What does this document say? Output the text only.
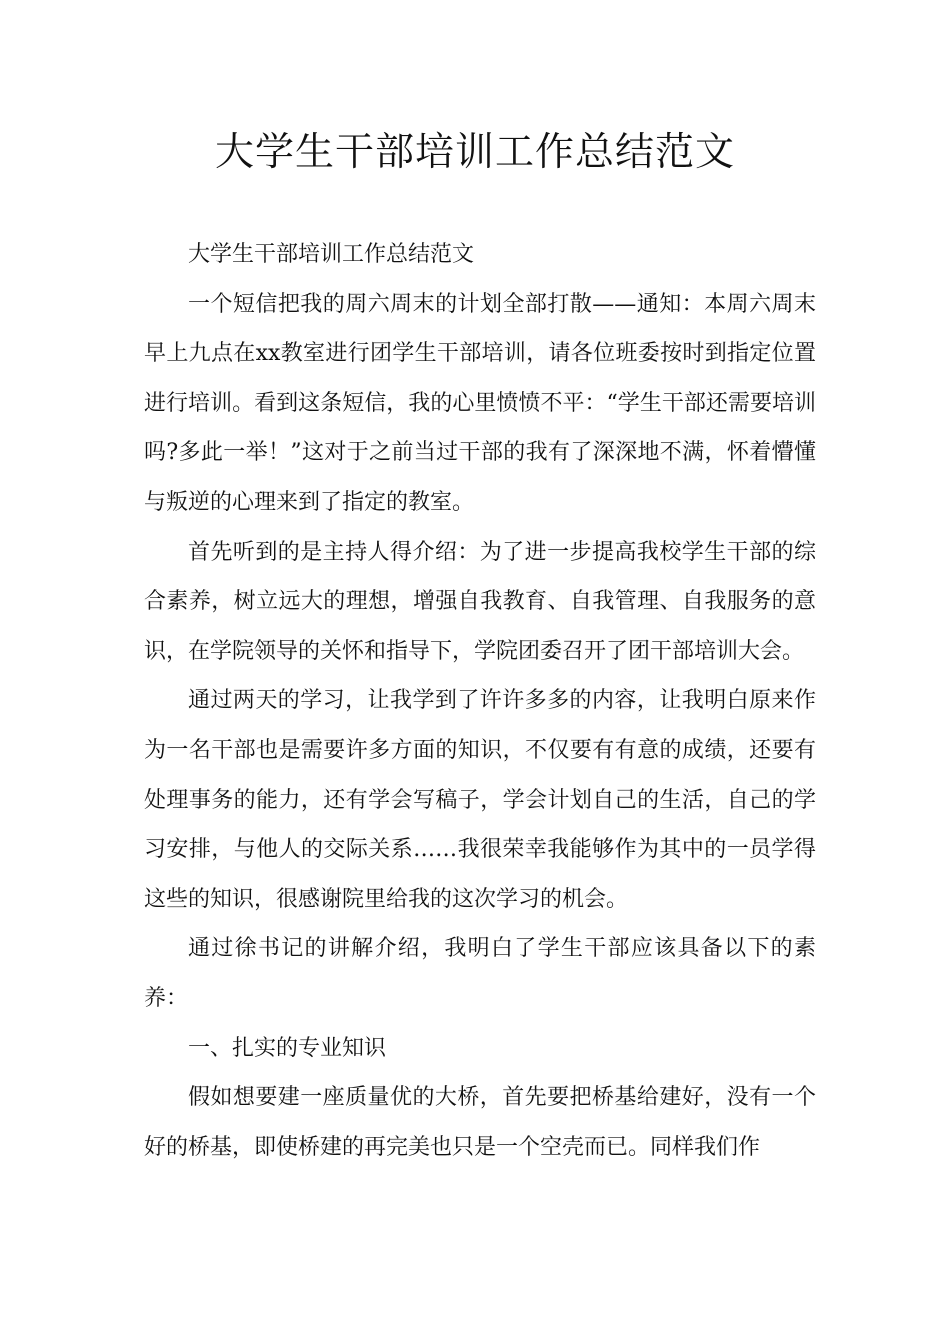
大学生干部培训工作总结范文

大学生干部培训工作总结范文

一个短信把我的周六周末的计划全部打散——通知：本周六周末早上九点在xx教室进行团学生干部培训，请各位班委按时到指定位置进行培训。看到这条短信，我的心里愤愤不平：“学生干部还需要培训吗?多此一举！”这对于之前当过干部的我有了深深地不满，怀着懵懂与叛逆的心理来到了指定的教室。

首先听到的是主持人得介绍：为了进一步提高我校学生干部的综合素养，树立远大的理想，增强自我教育、自我管理、自我服务的意识，在学院领导的关怀和指导下，学院团委召开了团干部培训大会。

通过两天的学习，让我学到了许许多多的内容，让我明白原来作为一名干部也是需要许多方面的知识，不仅要有有意的成绩，还要有处理事务的能力，还有学会写稿子，学会计划自己的生活，自己的学习安排，与他人的交际关系……我很荣幸我能够作为其中的一员学得这些的知识，很感谢院里给我的这次学习的机会。

通过徐书记的讲解介绍，我明白了学生干部应该具备以下的素养：

一、扎实的专业知识

假如想要建一座质量优的大桥，首先要把桥基给建好，没有一个好的桥基，即使桥建的再完美也只是一个空壳而已。同样我们作
